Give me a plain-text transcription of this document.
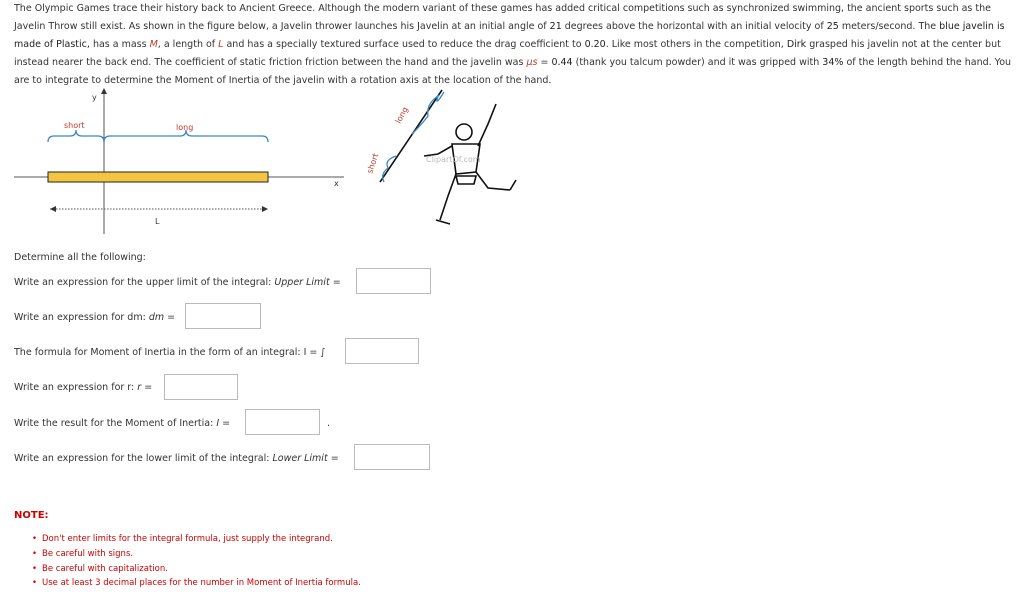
The Olympic Games trace their history back to Ancient Greece. Although the modern variant of these games has added critical competitions such as synchronized swimming, the ancient sports such as the Javelin Throw still exist. As shown in the figure below, a Javelin thrower launches his Javelin at an initial angle of 21 degrees above the horizontal with an initial velocity of 25 meters/second. The blue javelin is made of Plastic, has a mass M, a length of L and has a specially textured surface used to reduce the drag coefficient to 0.20. Like most others in the competition, Dirk grasped his javelin not at the center but instead nearer the back end. The coefficient of static friction friction between the hand and the javelin was μs = 0.44 (thank you talcum powder) and it was gripped with 34% of the length behind the hand. You are to integrate to determine the Moment of Inertia of the javelin with a rotation axis at the location of the hand.
y
x
short	long
L
long
short	ClipartOf.com
Determine all the following:
Write an expression for the upper limit of the integral: Upper Limit =
Write an expression for dm: dm =
The formula for Moment of Inertia in the form of an integral: I = ∫
Write an expression for r: r =
Write the result for the Moment of Inertia: I =	.
Write an expression for the lower limit of the integral: Lower Limit =
NOTE:
• Don't enter limits for the integral formula, just supply the integrand.
• Be careful with signs.
• Be careful with capitalization.
• Use at least 3 decimal places for the number in Moment of Inertia formula.
